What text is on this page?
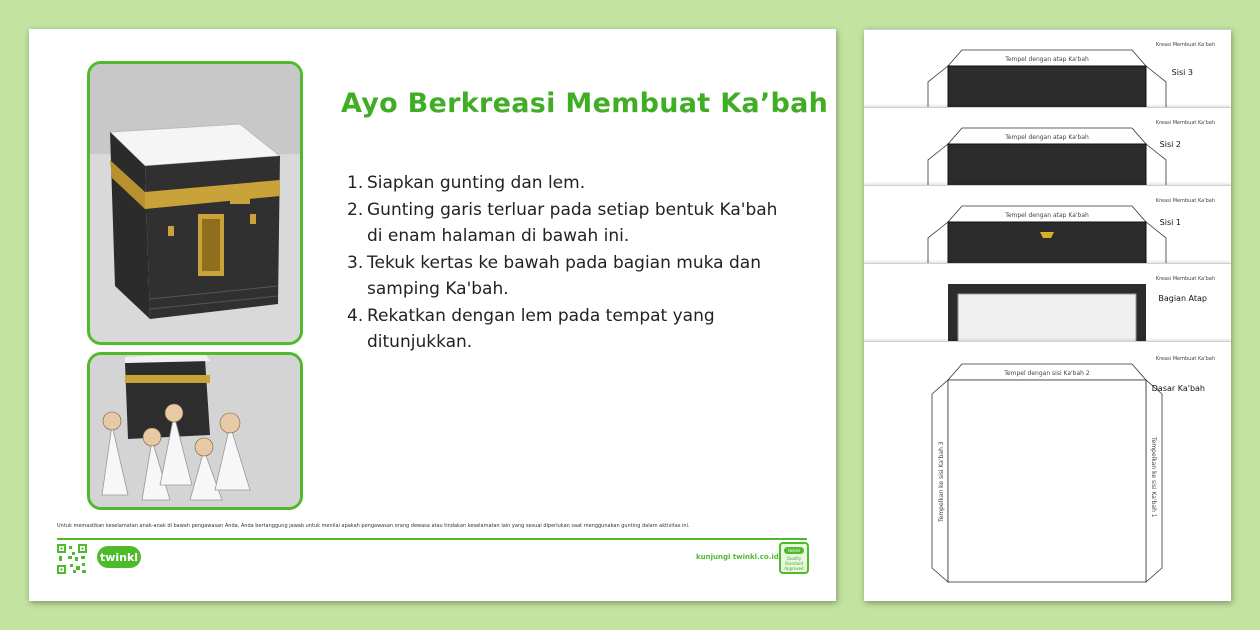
Ayo Berkreasi Membuat Ka’bah
1. Siapkan gunting dan lem.
2. Gunting garis terluar pada setiap bentuk Ka'bah di enam halaman di bawah ini.
3. Tekuk kertas ke bawah pada bagian muka dan samping Ka'bah.
4. Rekatkan dengan lem pada tempat yang ditunjukkan.
Untuk memastikan keselamatan anak-anak di bawah pengawasan Anda, Anda bertanggung jawab untuk menilai apakah pengawasan orang dewasa atau tindakan keselamatan lain yang sesuai diperlukan saat menggunakan gunting dalam aktivitas ini.
twinkl	kunjungi twinkl.co.id
twinkl
Quality Standard Approved
Tempel dengan atap Ka'bah
Kreasi Membuat Ka'bah
Sisi 3
Tempel dengan atap Ka'bah
Kreasi Membuat Ka'bah
Sisi 2
Tempel dengan atap Ka'bah
Kreasi Membuat Ka'bah
Sisi 1
Kreasi Membuat Ka'bah
Bagian Atap
Tempel dengan sisi Ka'bah 2
Tempelkan ke sisi Ka'bah 3	Tempelkan ke sisi Ka'bah 1
Kreasi Membuat Ka'bah
Dasar Ka'bah
